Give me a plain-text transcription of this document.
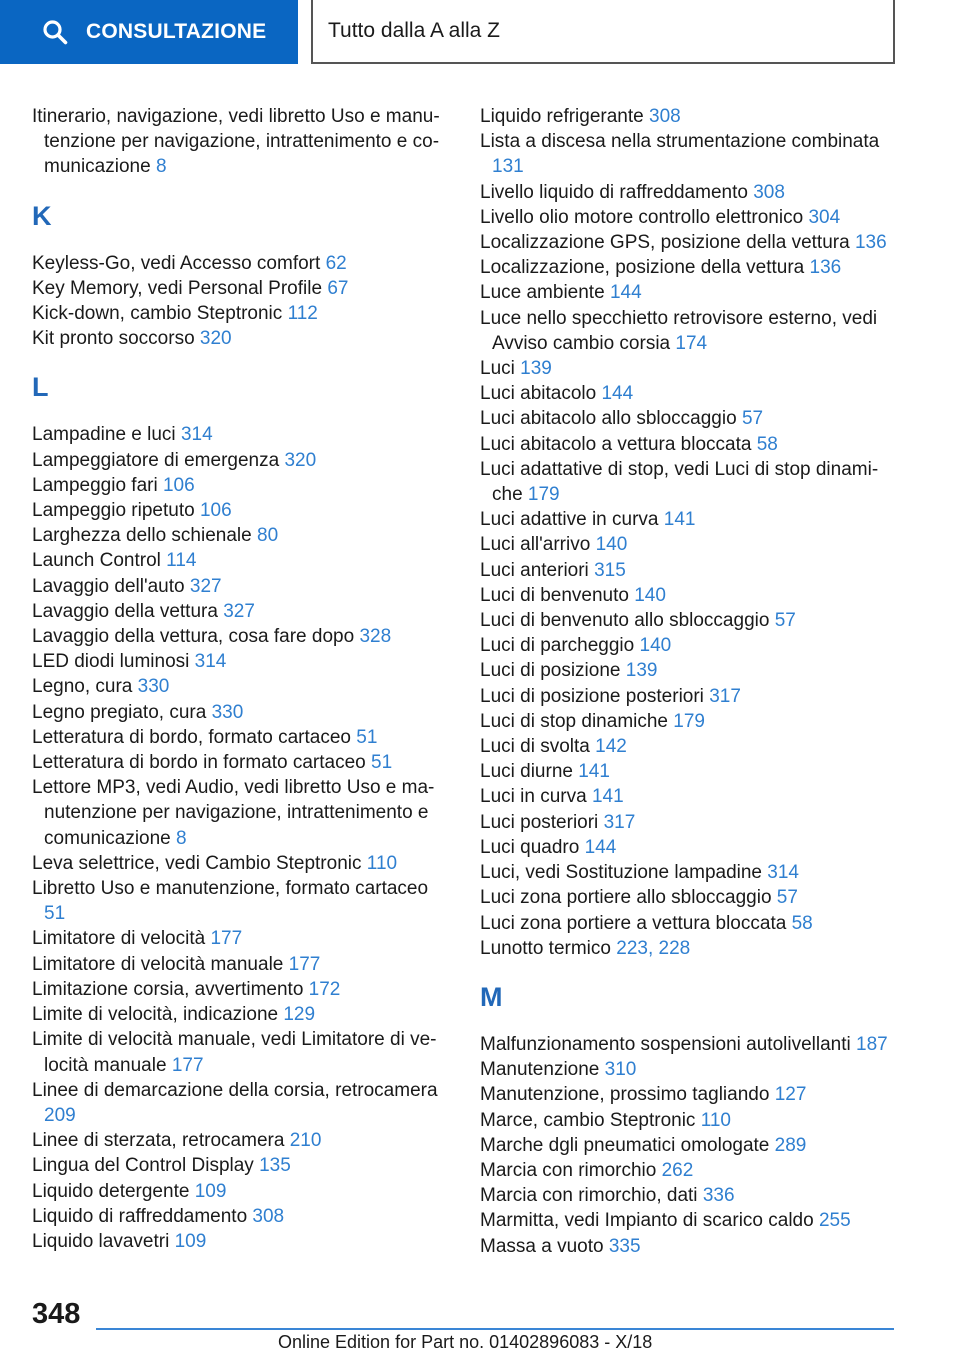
CONSULTAZIONE	Tutto dalla A alla Z

Itinerario, navigazione, vedi libretto Uso e manutenzione per navigazione, intrattenimento e comunicazione 8

K

Keyless-Go, vedi Accesso comfort 62

Key Memory, vedi Personal Profile 67

Kick-down, cambio Steptronic 112

Kit pronto soccorso 320

L

Lampadine e luci 314

Lampeggiatore di emergenza 320

Lampeggio fari 106

Lampeggio ripetuto 106

Larghezza dello schienale 80

Launch Control 114

Lavaggio dell'auto 327

Lavaggio della vettura 327

Lavaggio della vettura, cosa fare dopo 328

LED diodi luminosi 314

Legno, cura 330

Legno pregiato, cura 330

Letteratura di bordo, formato cartaceo 51

Letteratura di bordo in formato cartaceo 51

Lettore MP3, vedi Audio, vedi libretto Uso e manutenzione per navigazione, intrattenimento e comunicazione 8

Leva selettrice, vedi Cambio Steptronic 110

Libretto Uso e manutenzione, formato cartaceo 51

Limitatore di velocità 177

Limitatore di velocità manuale 177

Limitazione corsia, avvertimento 172

Limite di velocità, indicazione 129

Limite di velocità manuale, vedi Limitatore di velocità manuale 177

Linee di demarcazione della corsia, retrocamera 209

Linee di sterzata, retrocamera 210

Lingua del Control Display 135

Liquido detergente 109

Liquido di raffreddamento 308

Liquido lavavetri 109

Liquido refrigerante 308

Lista a discesa nella strumentazione combinata 131

Livello liquido di raffreddamento 308

Livello olio motore controllo elettronico 304

Localizzazione GPS, posizione della vettura 136

Localizzazione, posizione della vettura 136

Luce ambiente 144

Luce nello specchietto retrovisore esterno, vedi Avviso cambio corsia 174

Luci 139

Luci abitacolo 144

Luci abitacolo allo sbloccaggio 57

Luci abitacolo a vettura bloccata 58

Luci adattative di stop, vedi Luci di stop dinamiche 179

Luci adattive in curva 141

Luci all'arrivo 140

Luci anteriori 315

Luci di benvenuto 140

Luci di benvenuto allo sbloccaggio 57

Luci di parcheggio 140

Luci di posizione 139

Luci di posizione posteriori 317

Luci di stop dinamiche 179

Luci di svolta 142

Luci diurne 141

Luci in curva 141

Luci posteriori 317

Luci quadro 144

Luci, vedi Sostituzione lampadine 314

Luci zona portiere allo sbloccaggio 57

Luci zona portiere a vettura bloccata 58

Lunotto termico 223, 228

M

Malfunzionamento sospensioni autolivellanti 187

Manutenzione 310

Manutenzione, prossimo tagliando 127

Marce, cambio Steptronic 110

Marche dgli pneumatici omologate 289

Marcia con rimorchio 262

Marcia con rimorchio, dati 336

Marmitta, vedi Impianto di scarico caldo 255

Massa a vuoto 335

348
Online Edition for Part no. 01402896083 - X/18
